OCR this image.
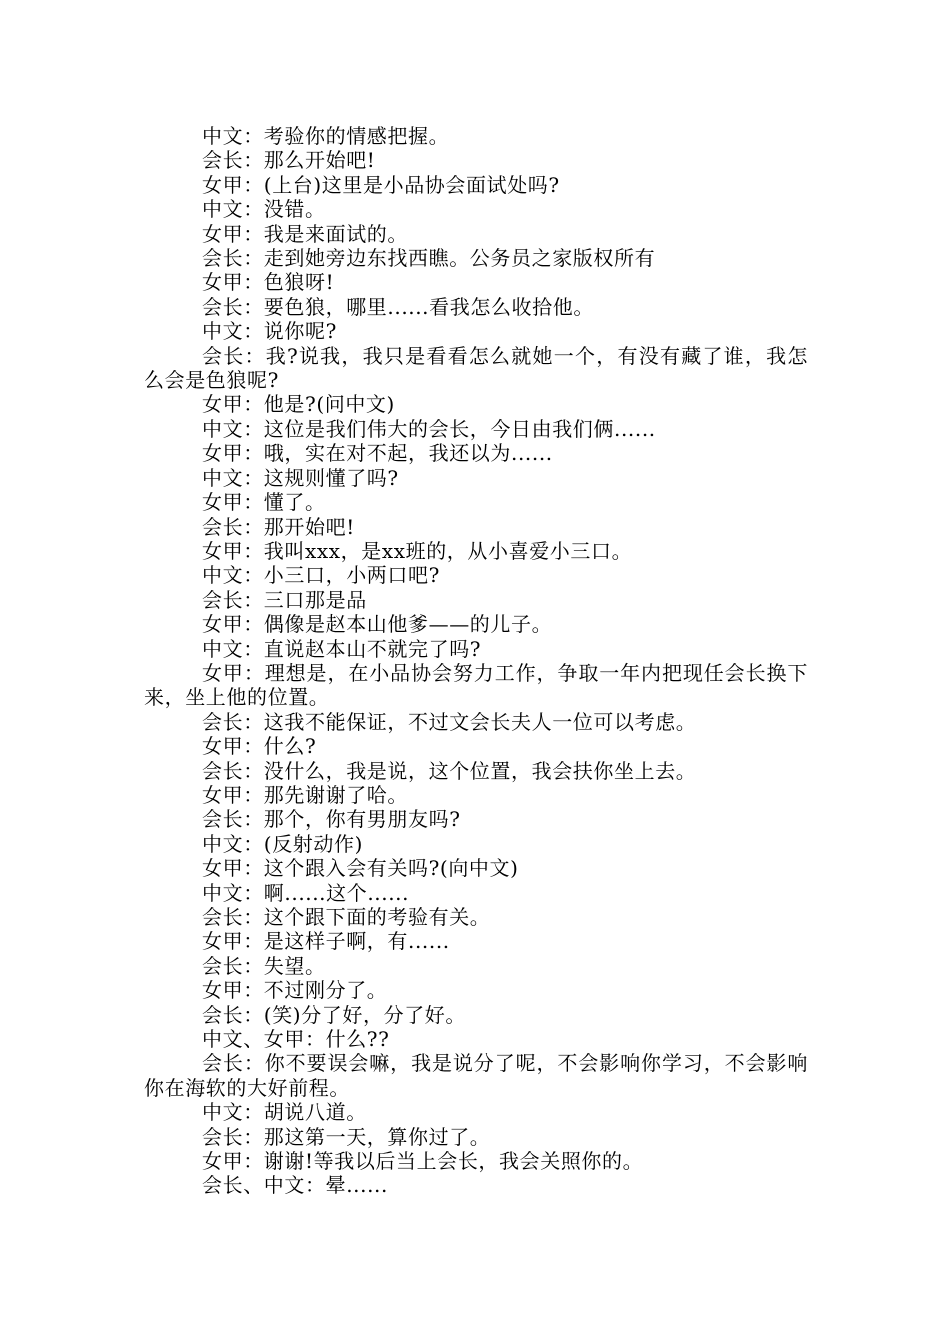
中文：考验你的情感把握。

会长：那么开始吧!

女甲：(上台)这里是小品协会面试处吗?

中文：没错。

女甲：我是来面试的。

会长：走到她旁边东找西瞧。公务员之家版权所有

女甲：色狼呀!

会长：要色狼，哪里......看我怎么收拾他。

中文：说你呢?

会长：我?说我，我只是看看怎么就她一个，有没有藏了谁，我怎么会是色狼呢?

女甲：他是?(问中文)

中文：这位是我们伟大的会长，今日由我们俩......

女甲：哦，实在对不起，我还以为......

中文：这规则懂了吗?

女甲：懂了。

会长：那开始吧!

女甲：我叫xxx，是xx班的，从小喜爱小三口。

中文：小三口，小两口吧?

会长：三口那是品

女甲：偶像是赵本山他爹——的儿子。

中文：直说赵本山不就完了吗?

女甲：理想是，在小品协会努力工作，争取一年内把现任会长换下来，坐上他的位置。

会长：这我不能保证，不过文会长夫人一位可以考虑。

女甲：什么?

会长：没什么，我是说，这个位置，我会扶你坐上去。

女甲：那先谢谢了哈。

会长：那个，你有男朋友吗?

中文：(反射动作)

女甲：这个跟入会有关吗?(向中文)

中文：啊......这个......

会长：这个跟下面的考验有关。

女甲：是这样子啊，有......

会长：失望。

女甲：不过刚分了。

会长：(笑)分了好，分了好。

中文、女甲：什么??

会长：你不要误会嘛，我是说分了呢，不会影响你学习，不会影响你在海软的大好前程。

中文：胡说八道。

会长：那这第一天，算你过了。

女甲：谢谢!等我以后当上会长，我会关照你的。

会长、中文：晕......
